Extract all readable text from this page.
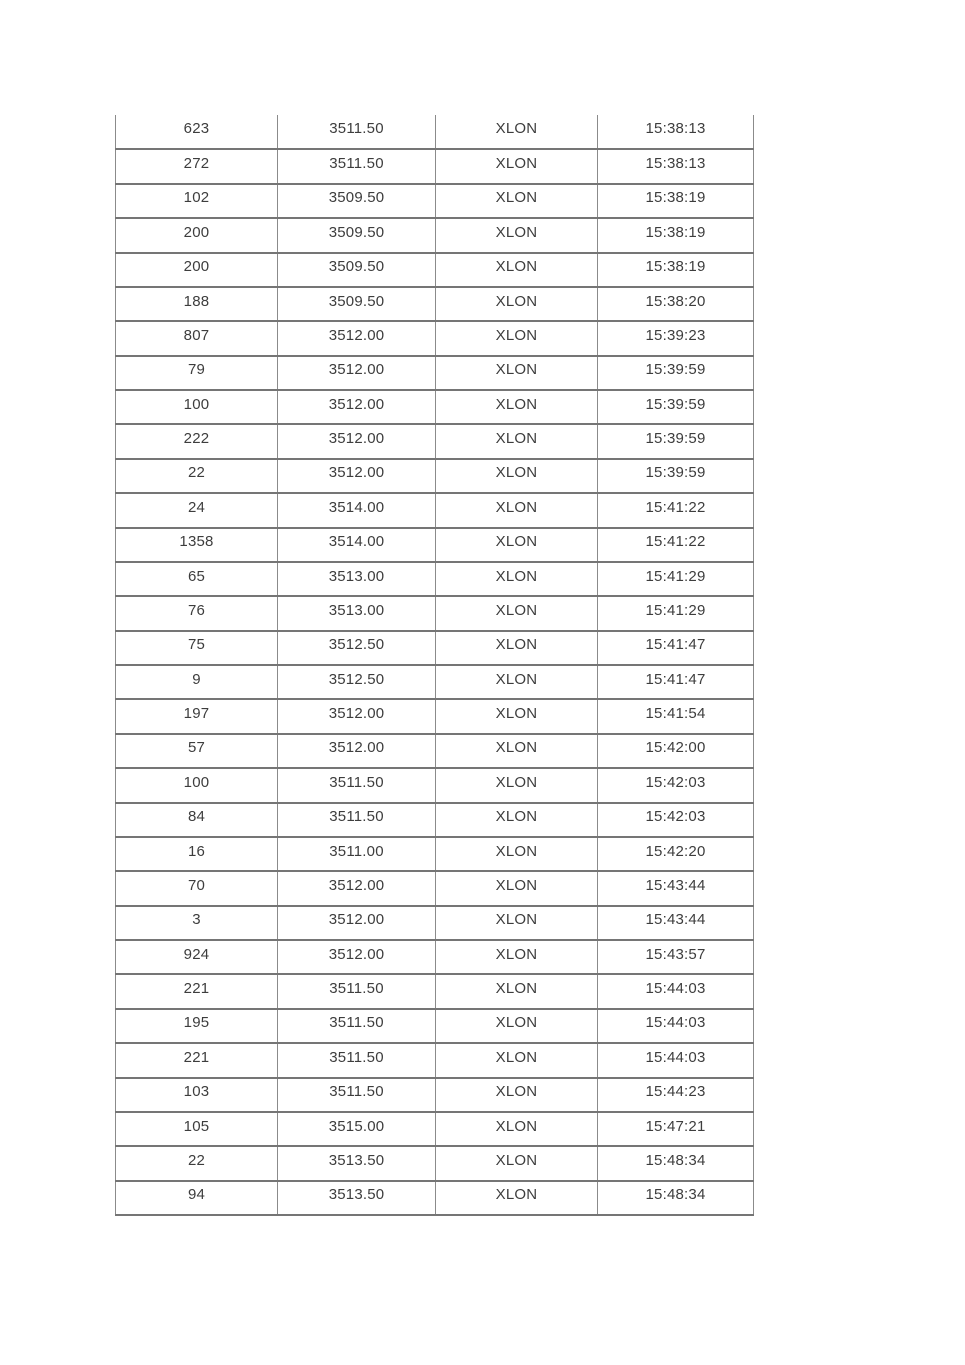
623	3511.50	XLON	15:38:13
272	3511.50	XLON	15:38:13
102	3509.50	XLON	15:38:19
200	3509.50	XLON	15:38:19
200	3509.50	XLON	15:38:19
188	3509.50	XLON	15:38:20
807	3512.00	XLON	15:39:23
79	3512.00	XLON	15:39:59
100	3512.00	XLON	15:39:59
222	3512.00	XLON	15:39:59
22	3512.00	XLON	15:39:59
24	3514.00	XLON	15:41:22
1358	3514.00	XLON	15:41:22
65	3513.00	XLON	15:41:29
76	3513.00	XLON	15:41:29
75	3512.50	XLON	15:41:47
9	3512.50	XLON	15:41:47
197	3512.00	XLON	15:41:54
57	3512.00	XLON	15:42:00
100	3511.50	XLON	15:42:03
84	3511.50	XLON	15:42:03
16	3511.00	XLON	15:42:20
70	3512.00	XLON	15:43:44
3	3512.00	XLON	15:43:44
924	3512.00	XLON	15:43:57
221	3511.50	XLON	15:44:03
195	3511.50	XLON	15:44:03
221	3511.50	XLON	15:44:03
103	3511.50	XLON	15:44:23
105	3515.00	XLON	15:47:21
22	3513.50	XLON	15:48:34
94	3513.50	XLON	15:48:34
